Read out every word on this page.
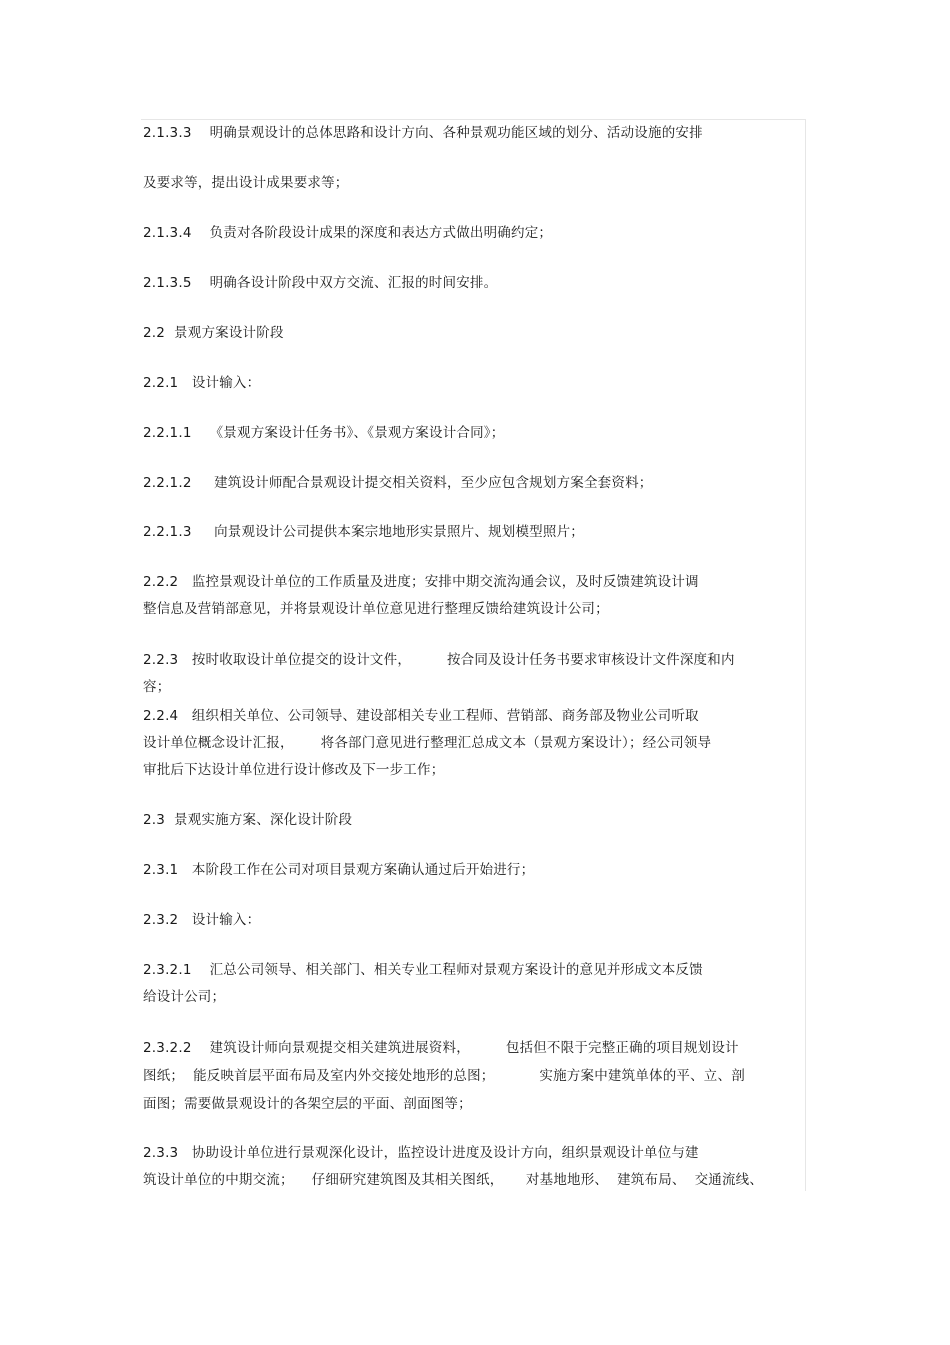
2.1.3.3    明确景观设计的总体思路和设计方向、各种景观功能区域的划分、活动设施的安排
及要求等，提出设计成果要求等；
2.1.3.4    负责对各阶段设计成果的深度和表达方式做出明确约定；
2.1.3.5    明确各设计阶段中双方交流、汇报的时间安排。
2.2  景观方案设计阶段
2.2.1   设计输入：
2.2.1.1    《景观方案设计任务书》、《景观方案设计合同》；
2.2.1.2     建筑设计师配合景观设计提交相关资料，至少应包含规划方案全套资料；
2.2.1.3     向景观设计公司提供本案宗地地形实景照片、规划模型照片；
2.2.2   监控景观设计单位的工作质量及进度；安排中期交流沟通会议，及时反馈建筑设计调
整信息及营销部意见，并将景观设计单位意见进行整理反馈给建筑设计公司；
2.2.3   按时收取设计单位提交的设计文件，        按合同及设计任务书要求审核设计文件深度和内
容；
2.2.4   组织相关单位、公司领导、建设部相关专业工程师、营销部、商务部及物业公司听取
设计单位概念设计汇报，      将各部门意见进行整理汇总成文本（景观方案设计）；经公司领导
审批后下达设计单位进行设计修改及下一步工作；
2.3  景观实施方案、深化设计阶段
2.3.1   本阶段工作在公司对项目景观方案确认通过后开始进行；
2.3.2   设计输入：
2.3.2.1    汇总公司领导、相关部门、相关专业工程师对景观方案设计的意见并形成文本反馈
给设计公司；
2.3.2.2    建筑设计师向景观提交相关建筑进展资料，        包括但不限于完整正确的项目规划设计
图纸；  能反映首层平面布局及室内外交接处地形的总图；          实施方案中建筑单体的平、立、剖
面图；需要做景观设计的各架空层的平面、剖面图等；
2.3.3   协助设计单位进行景观深化设计，监控设计进度及设计方向，组织景观设计单位与建
筑设计单位的中期交流；    仔细研究建筑图及其相关图纸，     对基地地形、  建筑布局、  交通流线、
